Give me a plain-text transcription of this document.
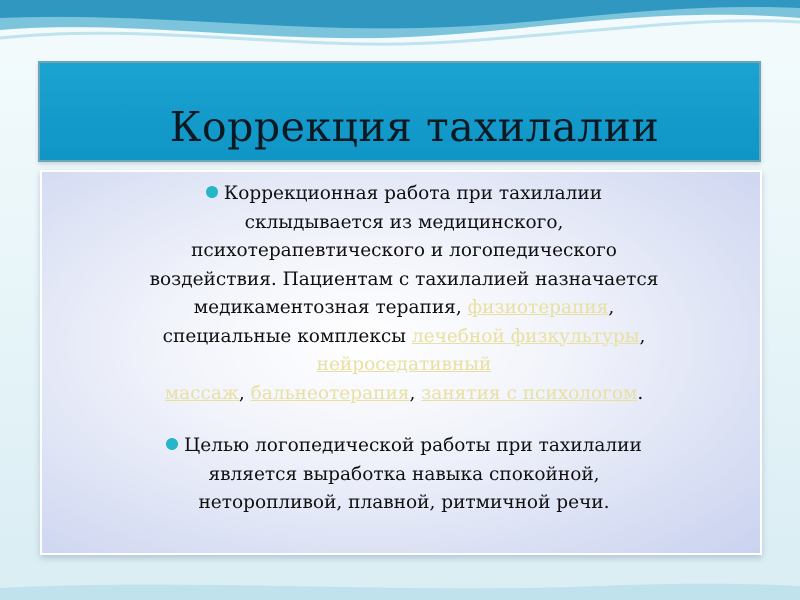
Коррекция тахилалии
Коррекционная работа при тахилалии
склыдывается из медицинского,
психотерапевтического и логопедического
воздействия. Пациентам с тахилалией назначается
медикаментозная терапия, физиотерапия,
специальные комплексы лечебной физкультуры,
нейроседативный
массаж, бальнеотерапия, занятия с психологом.
Целью логопедической работы при тахилалии
является выработка навыка спокойной,
неторопливой, плавной, ритмичной речи.
